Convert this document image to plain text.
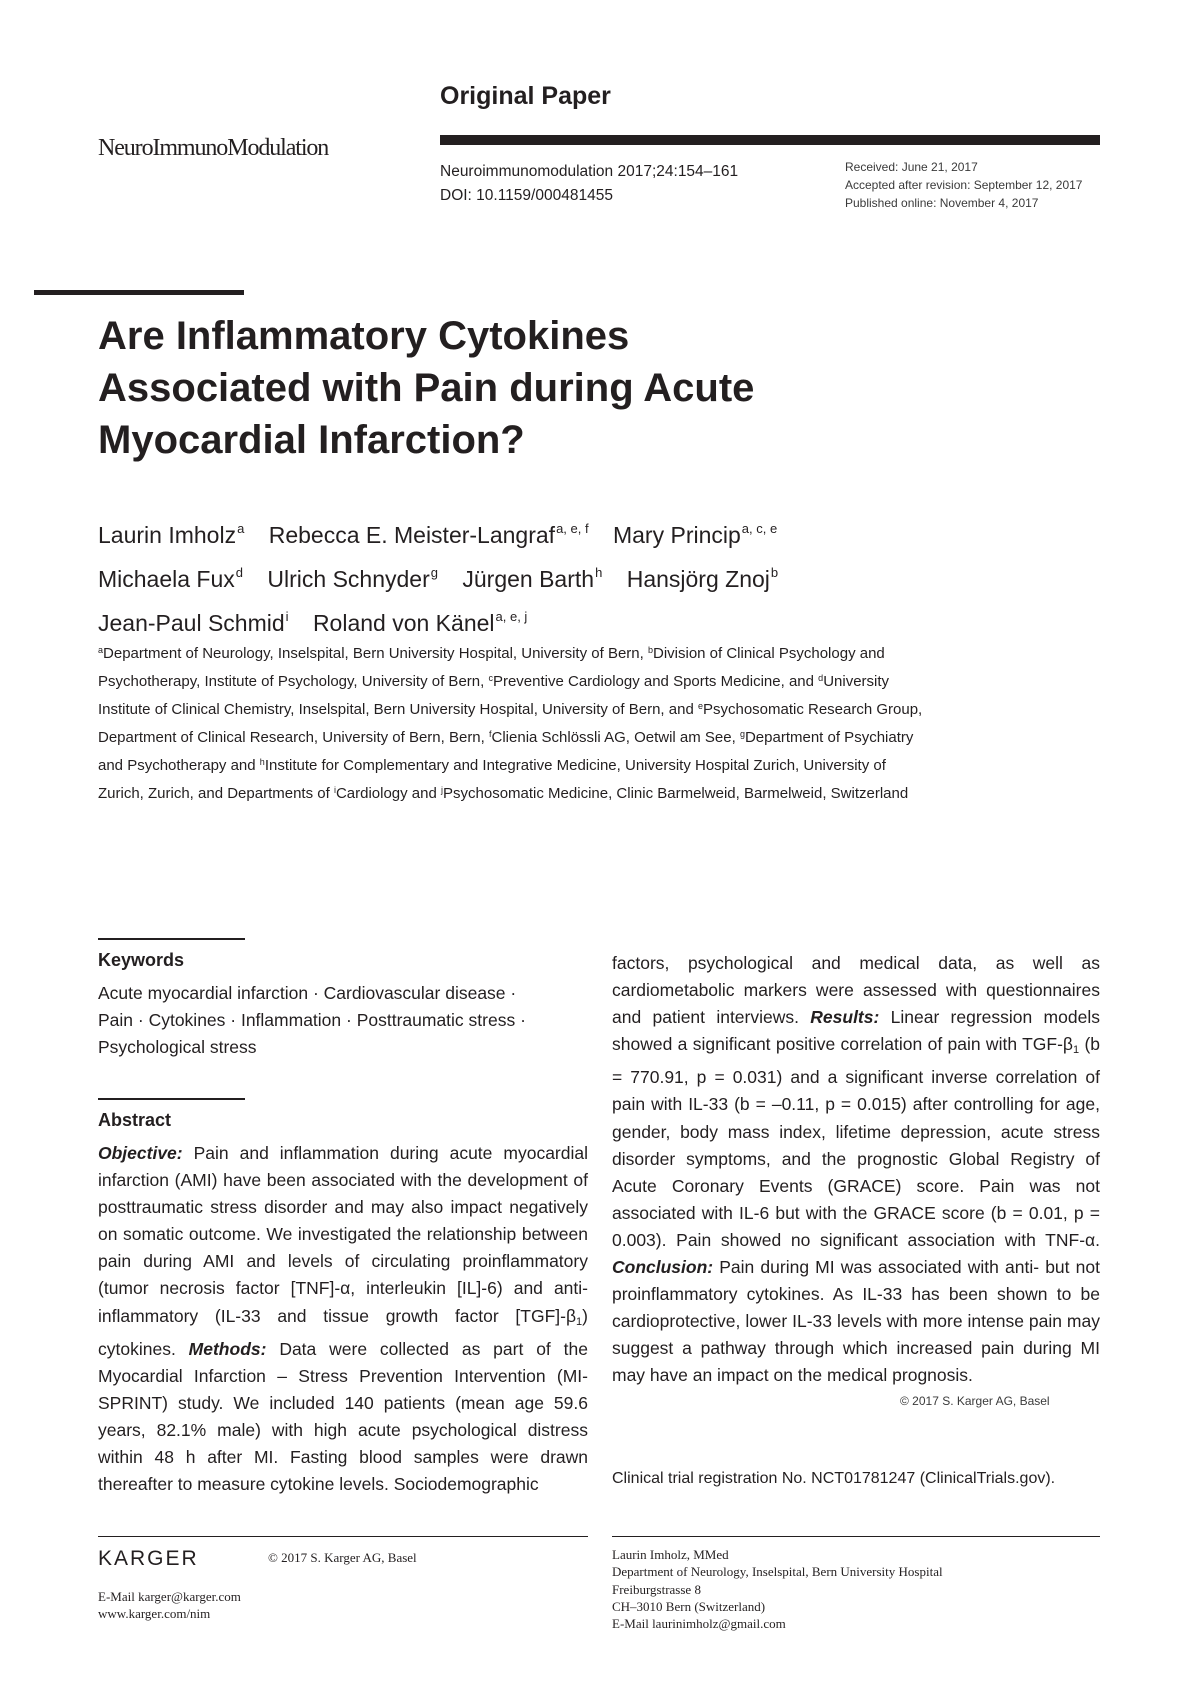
NeuroImmunoModulation
Original Paper
Neuroimmunomodulation 2017;24:154–161
DOI: 10.1159/000481455
Received: June 21, 2017
Accepted after revision: September 12, 2017
Published online: November 4, 2017
Are Inflammatory Cytokines
Associated with Pain during Acute
Myocardial Infarction?
Laurin Imholz$^a$ Rebecca E. Meister-Langraf$^{a, e, f}$ Mary Princip$^{a, c, e}$
Michaela Fux$^d$ Ulrich Schnyder$^g$ Jürgen Barth$^h$ Hansjörg Znoj$^b$
Jean-Paul Schmid$^i$ Roland von Känel$^{a, e, j}$
$^a$Department of Neurology, Inselspital, Bern University Hospital, University of Bern, $^b$Division of Clinical Psychology and Psychotherapy, Institute of Psychology, University of Bern, $^c$Preventive Cardiology and Sports Medicine, and $^d$University Institute of Clinical Chemistry, Inselspital, Bern University Hospital, University of Bern, and $^e$Psychosomatic Research Group, Department of Clinical Research, University of Bern, Bern, $^f$Clienia Schlössli AG, Oetwil am See, $^g$Department of Psychiatry and Psychotherapy and $^h$Institute for Complementary and Integrative Medicine, University Hospital Zurich, University of Zurich, Zurich, and Departments of $^i$Cardiology and $^j$Psychosomatic Medicine, Clinic Barmelweid, Barmelweid, Switzerland
Keywords
Acute myocardial infarction · Cardiovascular disease ·
Pain · Cytokines · Inflammation · Posttraumatic stress ·
Psychological stress
Abstract
Objective: Pain and inflammation during acute myocardial infarction (AMI) have been associated with the development of posttraumatic stress disorder and may also impact negatively on somatic outcome. We investigated the relationship between pain during AMI and levels of circulating proinflammatory (tumor necrosis factor [TNF]-α, interleukin [IL]-6) and anti-inflammatory (IL-33 and tissue growth factor $[TGF]-\beta_1$) cytokines. Methods: Data were collected as part of the Myocardial Infarction – Stress Prevention Intervention (MI-SPRINT) study. We included 140 patients (mean age 59.6 years, 82.1% male) with high acute psychological distress within 48 h after MI. Fasting blood samples were drawn thereafter to measure cytokine levels. Sociodemographic
factors, psychological and medical data, as well as cardiometabolic markers were assessed with questionnaires and patient interviews. Results: Linear regression models showed a significant positive correlation of pain with TGF-$\beta_1$ (b = 770.91, p = 0.031) and a significant inverse correlation of pain with IL-33 (b = –0.11, p = 0.015) after controlling for age, gender, body mass index, lifetime depression, acute stress disorder symptoms, and the prognostic Global Registry of Acute Coronary Events (GRACE) score. Pain was not associated with IL-6 but with the GRACE score (b = 0.01, p = 0.003). Pain showed no significant association with TNF-α. Conclusion: Pain during MI was associated with anti- but not proinflammatory cytokines. As IL-33 has been shown to be cardioprotective, lower IL-33 levels with more intense pain may suggest a pathway through which increased pain during MI may have an impact on the medical prognosis.
© 2017 S. Karger AG, Basel
Clinical trial registration No. NCT01781247 (ClinicalTrials.gov).
KARGER	© 2017 S. Karger AG, Basel
E-Mail karger@karger.com
www.karger.com/nim
Laurin Imholz, MMed
Department of Neurology, Inselspital, Bern University Hospital
Freiburgstrasse 8
CH–3010 Bern (Switzerland)
E-Mail laurinimholz@gmail.com
